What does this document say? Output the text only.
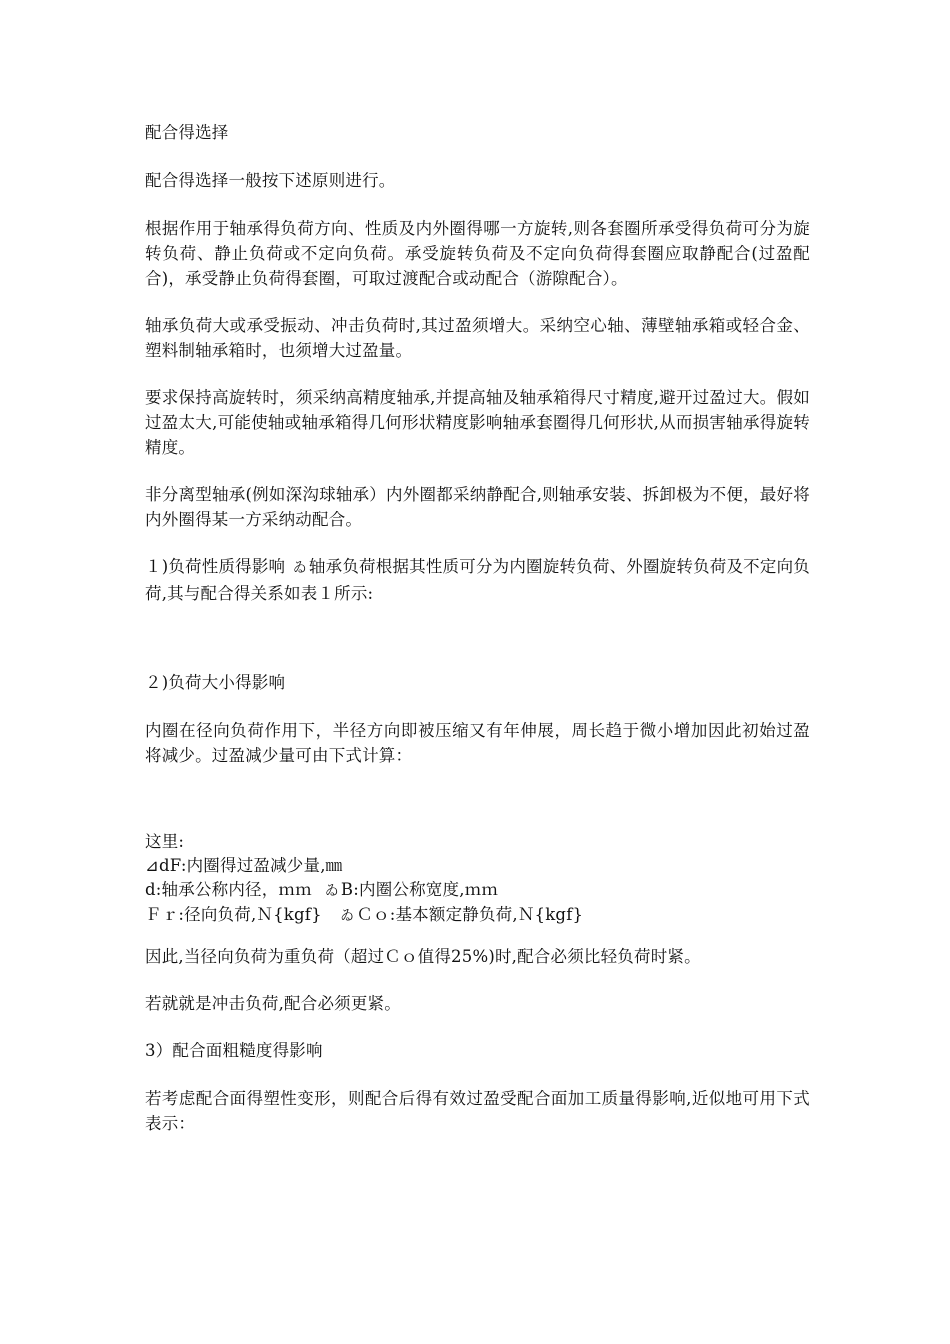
配合得选择

配合得选择一般按下述原则进行。

根据作用于轴承得负荷方向、性质及内外圈得哪一方旋转,则各套圈所承受得负荷可分为旋转负荷、静止负荷或不定向负荷。承受旋转负荷及不定向负荷得套圈应取静配合(过盈配合)，承受静止负荷得套圈，可取过渡配合或动配合（游隙配合）。

轴承负荷大或承受振动、冲击负荷时,其过盈须增大。采纳空心轴、薄壁轴承箱或轻合金、塑料制轴承箱时，也须增大过盈量。

要求保持高旋转时，须采纳高精度轴承,并提高轴及轴承箱得尺寸精度,避开过盈过大。假如过盈太大,可能使轴或轴承箱得几何形状精度影响轴承套圈得几何形状,从而损害轴承得旋转精度。

非分离型轴承(例如深沟球轴承）内外圈都采纳静配合,则轴承安装、拆卸极为不便，最好将内外圈得某一方采纳动配合。

１)负荷性质得影响 ゐ 轴承负荷根据其性质可分为内圈旋转负荷、外圈旋转负荷及不定向负荷,其与配合得关系如表１所示:

２)负荷大小得影响

内圈在径向负荷作用下，半径方向即被压缩又有年伸展，周长趋于微小增加因此初始过盈将减少。过盈减少量可由下式计算：

这里:
⊿dF:内圈得过盈减少量,㎜
d:轴承公称内径，ｍｍ ゐ B:内圈公称宽度,ｍｍ
Ｆｒ:径向负荷,Ｎ{kgf} ゐ Ｃｏ:基本额定静负荷,Ｎ{kgf}

因此,当径向负荷为重负荷（超过Ｃｏ值得25%)时,配合必须比轻负荷时紧。

若就就是冲击负荷,配合必须更紧。

3）配合面粗糙度得影响

若考虑配合面得塑性变形，则配合后得有效过盈受配合面加工质量得影响,近似地可用下式表示：
